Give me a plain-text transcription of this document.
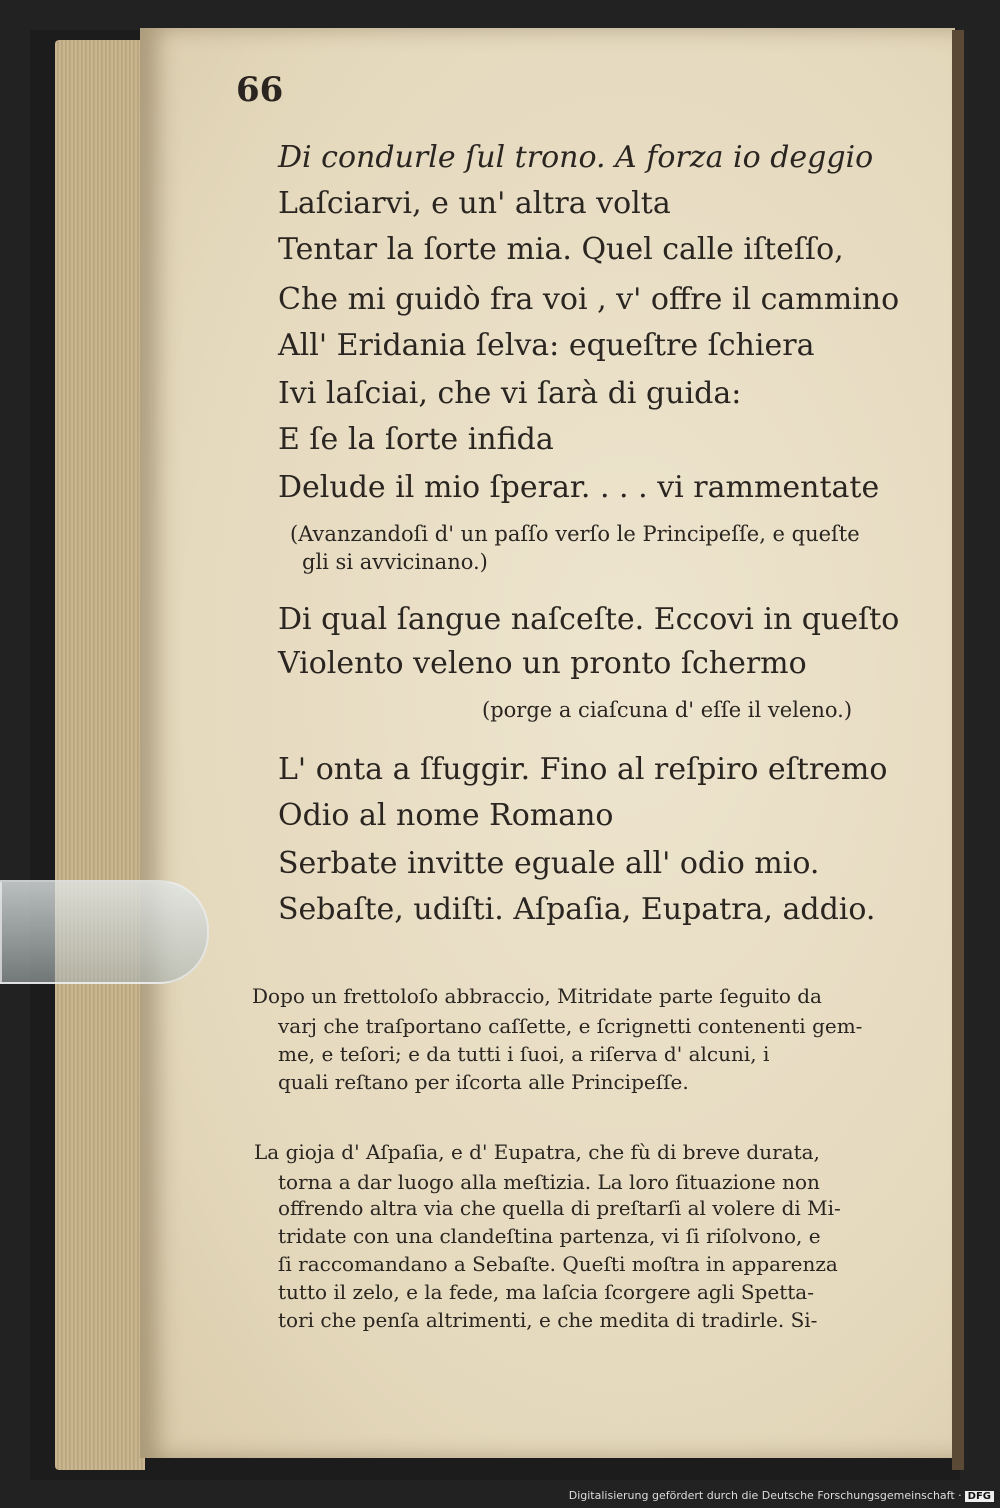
66
Di condurle ſul trono. A forza io deggio
Laſciarvi, e un' altra volta
Tentar la ſorte mia. Quel calle iſteſſo,
Che mi guidò fra voi , v' offre il cammino
All' Eridania ſelva: equeſtre ſchiera
Ivi laſciai, che vi ſarà di guida:
E ſe la ſorte infida
Delude il mio ſperar. . . . vi rammentate
(Avanzandoſi d' un paſſo verſo le Principeſſe, e queſte
gli si avvicinano.)
Di qual ſangue naſceſte. Eccovi in queſto
Violento veleno un pronto ſchermo
(porge a ciaſcuna d' eſſe il veleno.)
L' onta a ſfuggir. Fino al reſpiro eſtremo
Odio al nome Romano
Serbate invitte eguale all' odio mio.
Sebaſte, udiſti. Aſpaſia, Eupatra, addio.
Dopo un frettoloſo abbraccio, Mitridate parte ſeguito da
varj che traſportano caſſette, e ſcrignetti contenenti gem-
me, e teſori; e da tutti i ſuoi, a riſerva d' alcuni, i
quali reſtano per iſcorta alle Principeſſe.
La gioja d' Aſpaſia, e d' Eupatra, che fù di breve durata,
torna a dar luogo alla meſtizia. La loro ſituazione non
offrendo altra via che quella di preſtarſi al volere di Mi-
tridate con una clandeſtina partenza, vi ſi riſolvono, e
ſi raccomandano a Sebaſte. Queſti moſtra in apparenza
tutto il zelo, e la fede, ma laſcia ſcorgere agli Spetta-
tori che penſa altrimenti, e che medita di tradirle. Si-
Digitalisierung gefördert durch die Deutsche Forschungsgemeinschaft · DFG
